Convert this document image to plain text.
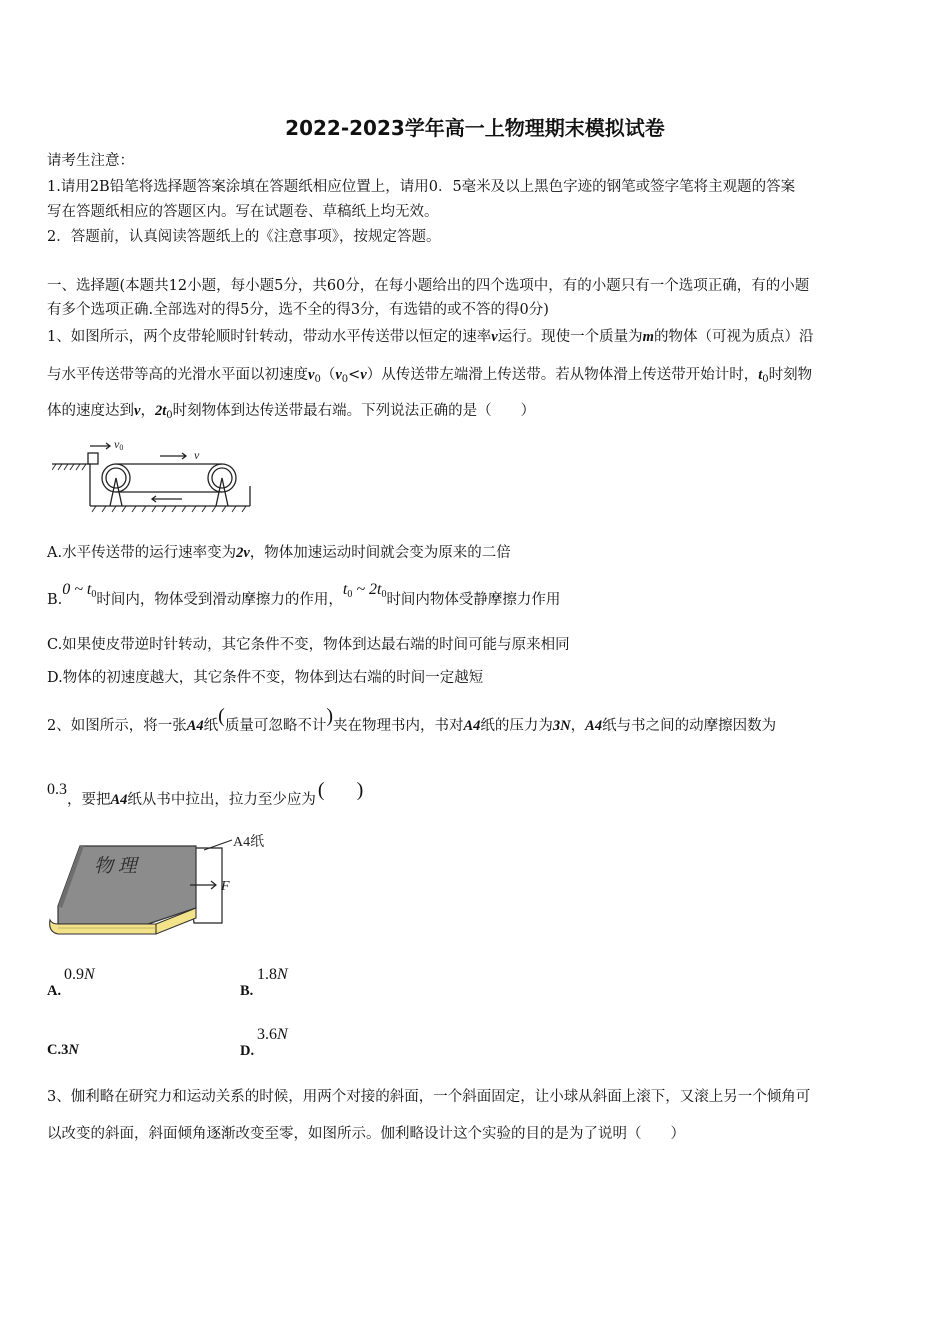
2022-2023学年高一上物理期末模拟试卷
请考生注意：
1.请用2B铅笔将选择题答案涂填在答题纸相应位置上，请用0．5毫米及以上黑色字迹的钢笔或签字笔将主观题的答案
写在答题纸相应的答题区内。写在试题卷、草稿纸上均无效。
2．答题前，认真阅读答题纸上的《注意事项》，按规定答题。
一、选择题(本题共12小题，每小题5分，共60分，在每小题给出的四个选项中，有的小题只有一个选项正确，有的小题
有多个选项正确.全部选对的得5分，选不全的得3分，有选错的或不答的得0分)
1、如图所示，两个皮带轮顺时针转动，带动水平传送带以恒定的速率v运行。现使一个质量为m的物体（可视为质点）沿
与水平传送带等高的光滑水平面以初速度$v_0(v_0<v)$从传送带左端滑上传送带。若从物体滑上传送带开始计时，$t_0$时刻物
体的速度达到v，$2t_0$时刻物体到达传送带最右端。下列说法正确的是（　　）
v0
v
A.水平传送带的运行速率变为2v，物体加速运动时间就会变为原来的二倍
B.0 ~ $t_0$时间内，物体受到滑动摩擦力的作用，$t_0$ ~ $2t_0$时间内物体受静摩擦力作用
C.如果使皮带逆时针转动，其它条件不变，物体到达最右端的时间可能与原来相同
D.物体的初速度越大，其它条件不变，物体到达右端的时间一定越短
2、如图所示，将一张A4纸(质量可忽略不计)夹在物理书内，书对A4纸的压力为3N，A4纸与书之间的动摩擦因数为
0.3，要把A4纸从书中拉出，拉力至少应为 ( )
物 理
A4纸
F
A.
0.9N
B.
1.8N
C.3N	D.
3.6N
3、伽利略在研究力和运动关系的时候，用两个对接的斜面，一个斜面固定，让小球从斜面上滚下，又滚上另一个倾角可
以改变的斜面，斜面倾角逐渐改变至零，如图所示。伽利略设计这个实验的目的是为了说明（　　）
